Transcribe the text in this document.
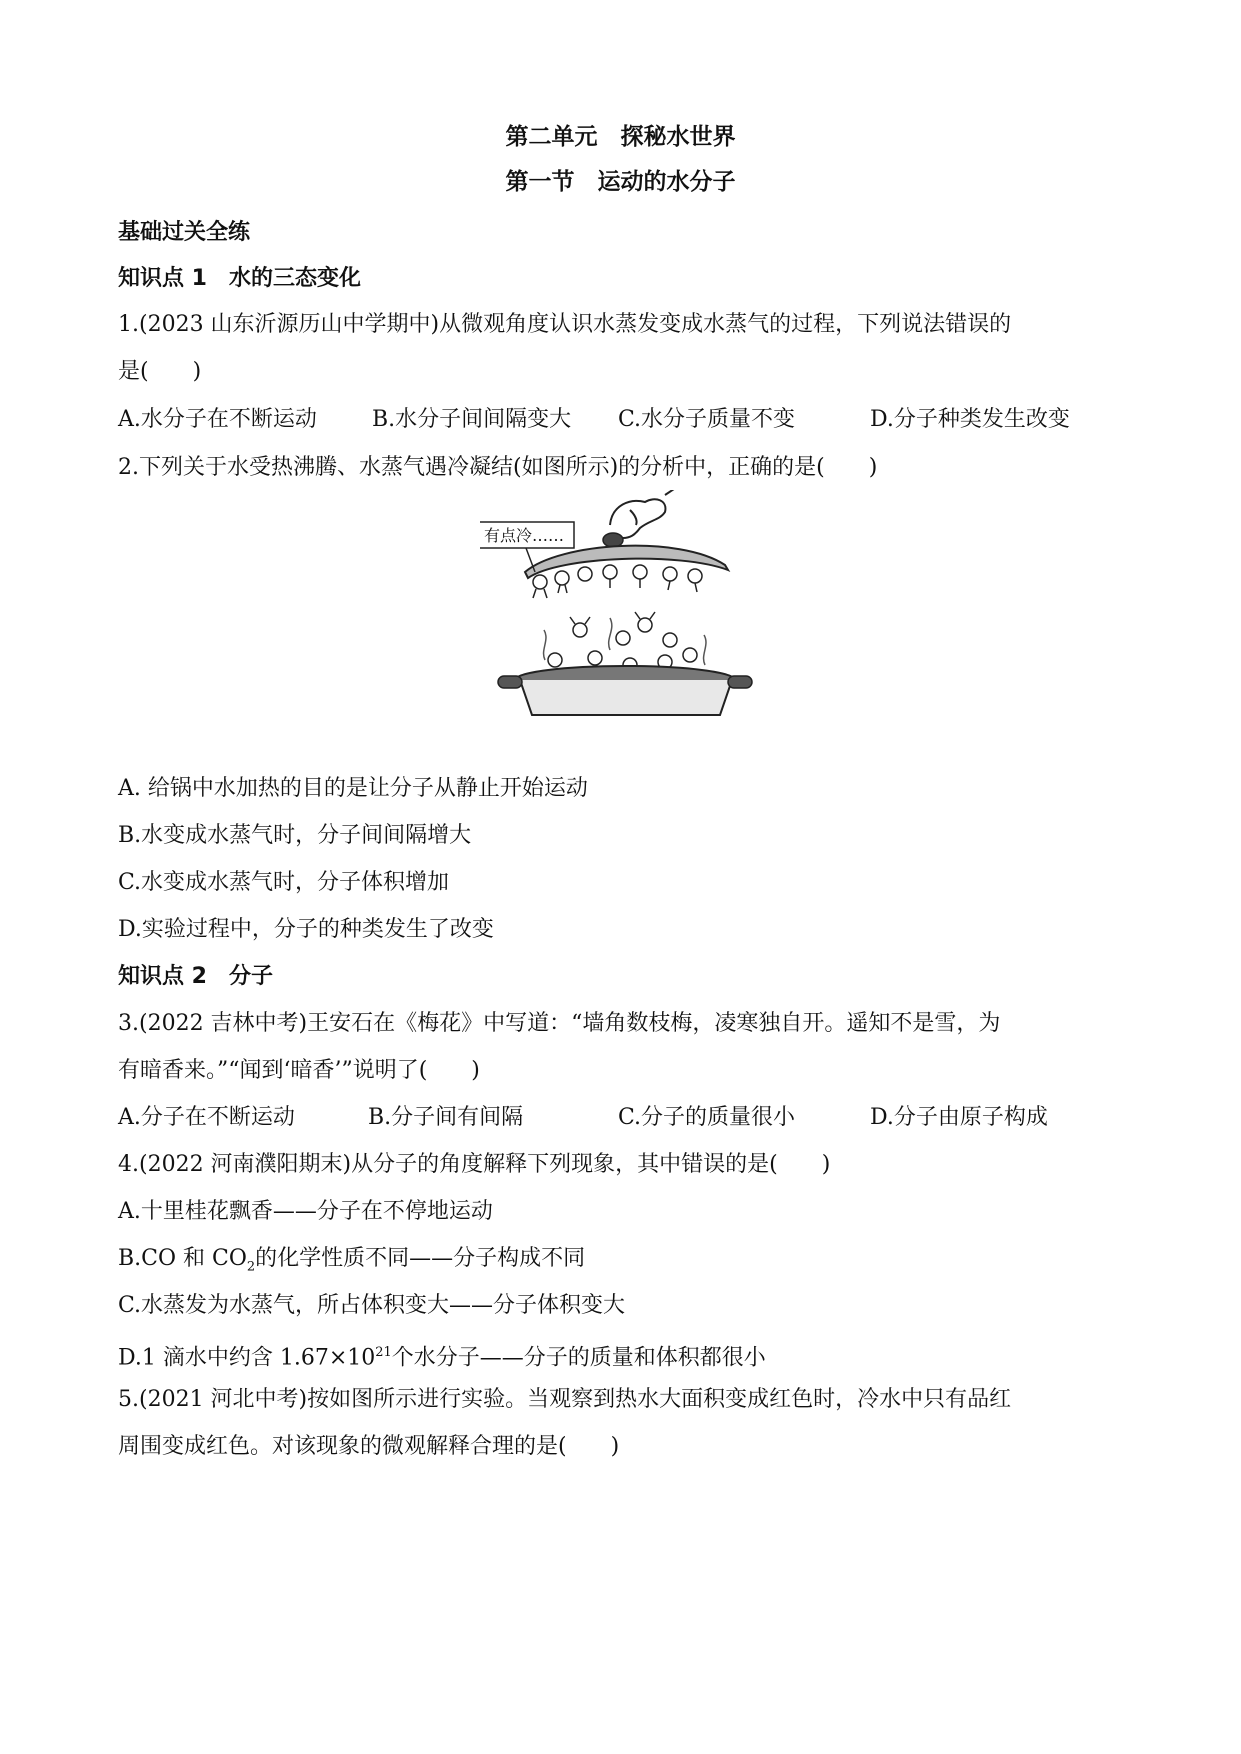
第二单元　探秘水世界
第一节　运动的水分子
基础过关全练
知识点 1　水的三态变化
1.(2023 山东沂源历山中学期中)从微观角度认识水蒸发变成水蒸气的过程，下列说法错误的
是(　　)
A.水分子在不断运动	B.水分子间间隔变大 C.水分子质量不变	D.分子种类发生改变
2.下列关于水受热沸腾、水蒸气遇冷凝结(如图所示)的分析中，正确的是(　　)
有点冷……
A. 给锅中水加热的目的是让分子从静止开始运动
B.水变成水蒸气时，分子间间隔增大
C.水变成水蒸气时，分子体积增加
D.实验过程中，分子的种类发生了改变
知识点 2　分子
3.(2022 吉林中考)王安石在《梅花》中写道：“墙角数枝梅，凌寒独自开。遥知不是雪，为
有暗香来。”“闻到‘暗香’”说明了(　　)
A.分子在不断运动	B.分子间有间隔	C.分子的质量很小	D.分子由原子构成
4.(2022 河南濮阳期末)从分子的角度解释下列现象，其中错误的是(　　)
A.十里桂花飘香——分子在不停地运动
B.CO 和 $CO_2$的化学性质不同——分子构成不同
C.水蒸发为水蒸气，所占体积变大——分子体积变大
D.1 滴水中约含 $1.67\times 10^{21}$个水分子——分子的质量和体积都很小
5.(2021 河北中考)按如图所示进行实验。当观察到热水大面积变成红色时，冷水中只有品红
周围变成红色。对该现象的微观解释合理的是(　　)
